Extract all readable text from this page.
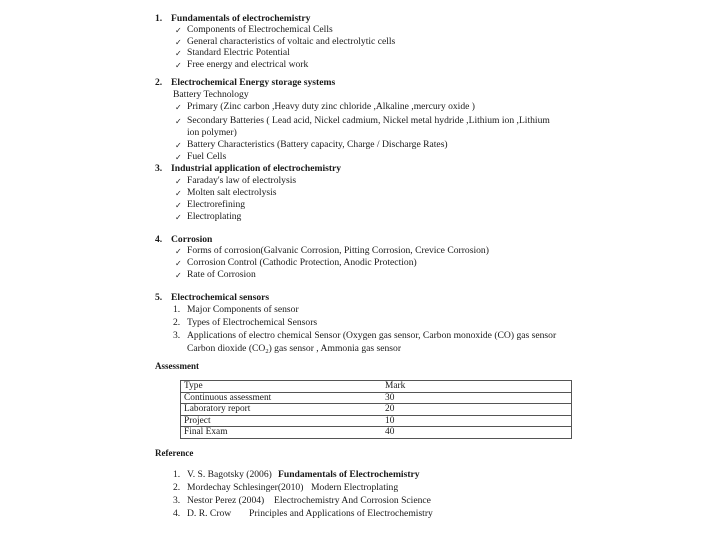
1. Fundamentals of electrochemistry
✓ Components of Electrochemical Cells
✓ General characteristics of voltaic and electrolytic cells
✓ Standard Electric Potential
✓ Free energy and electrical work
2. Electrochemical Energy storage systems
Battery Technology
✓ Primary (Zinc carbon ,Heavy duty zinc chloride ,Alkaline ,mercury oxide )
✓ Secondary Batteries ( Lead acid, Nickel cadmium, Nickel metal hydride ,Lithium ion ,Lithium
ion polymer)
✓ Battery Characteristics (Battery capacity, Charge / Discharge Rates)
✓ Fuel Cells
3. Industrial application of electrochemistry
✓ Faraday's law of electrolysis
✓ Molten salt electrolysis
✓ Electrorefining
✓ Electroplating
4. Corrosion
✓ Forms of corrosion(Galvanic Corrosion, Pitting Corrosion, Crevice Corrosion)
✓ Corrosion Control (Cathodic Protection, Anodic Protection)
✓ Rate of Corrosion
5. Electrochemical sensors
1. Major Components of sensor
2. Types of Electrochemical Sensors
3. Applications of electro chemical Sensor (Oxygen gas sensor, Carbon monoxide (CO) gas sensor
Carbon dioxide $(CO_2)$ gas sensor , Ammonia gas sensor
Assessment
Type	Mark
Continuous assessment	30
Laboratory report	20
Project	10
Final Exam	40
Reference
1. V. S. Bagotsky (2006) Fundamentals of Electrochemistry
2. Mordechay Schlesinger(2010) Modern Electroplating
3. Nestor Perez (2004) Electrochemistry And Corrosion Science
4. D. R. Crow Principles and Applications of Electrochemistry
